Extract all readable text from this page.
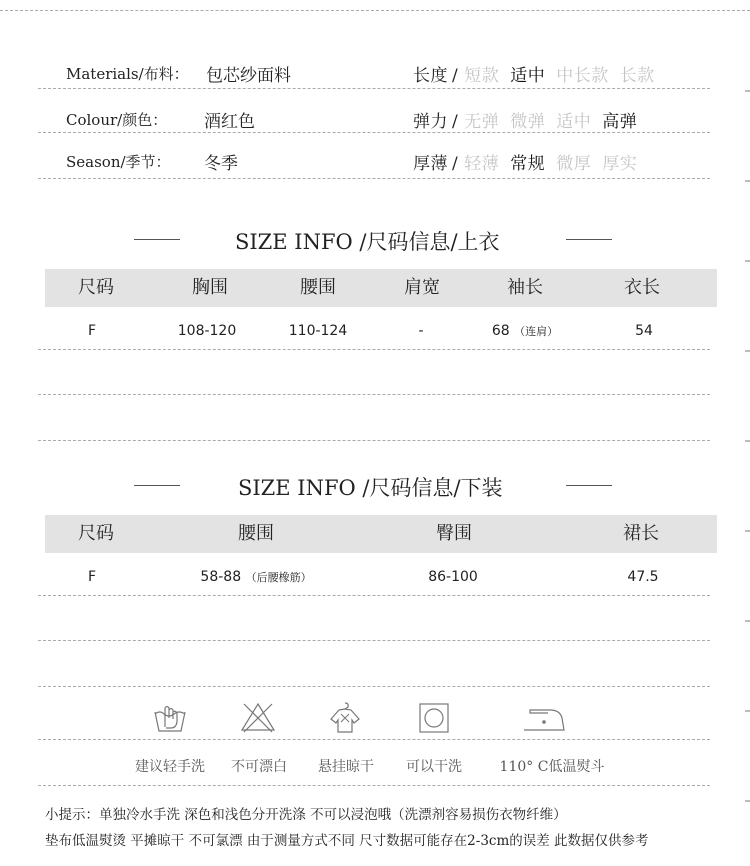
Materials/布料： 包芯纱面料
Colour/颜色： 酒红色
Season/季节： 冬季
长度 / 短款 适中 中长款 长款
弹力 / 无弹 微弹 适中 高弹
厚薄 / 轻薄 常规 微厚 厚实
SIZE INFO /尺码信息/上衣
尺码	胸围	腰围	肩宽	袖长	衣长
F	108-120	110-124	-	68 （连肩）	54
SIZE INFO /尺码信息/下装
尺码	腰围	臀围	裙长
F	58-88 （后腰橡筋）	86-100	47.5
建议轻手洗 不可漂白 悬挂晾干 可以干洗	110° C低温熨斗
小提示：单独冷水手洗 深色和浅色分开洗涤 不可以浸泡哦（洗漂剂容易损伤衣物纤维）
垫布低温熨烫 平摊晾干 不可氯漂 由于测量方式不同 尺寸数据可能存在2-3cm的误差 此数据仅供参考
